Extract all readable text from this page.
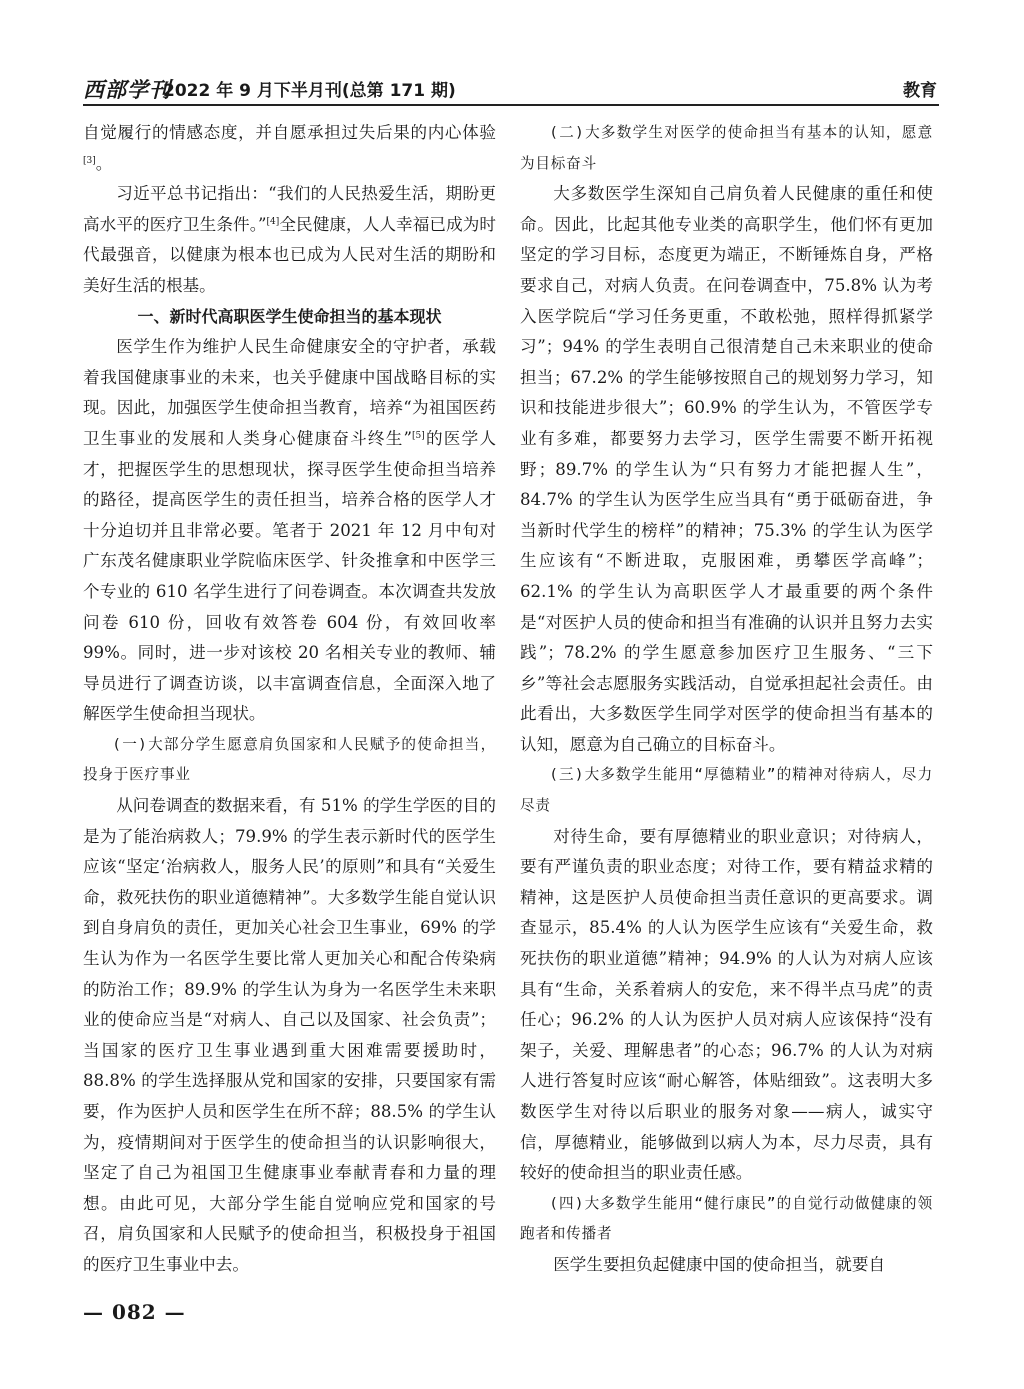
西部学刊
2022 年 9 月下半月刊(总第 171 期)	教育

自觉履行的情感态度，并自愿承担过失后果的内心体验[3]。

习近平总书记指出：“我们的人民热爱生活，期盼更高水平的医疗卫生条件。”[4]全民健康，人人幸福已成为时代最强音，以健康为根本也已成为人民对生活的期盼和美好生活的根基。

一、新时代高职医学生使命担当的基本现状

医学生作为维护人民生命健康安全的守护者，承载着我国健康事业的未来，也关乎健康中国战略目标的实现。因此，加强医学生使命担当教育，培养“为祖国医药卫生事业的发展和人类身心健康奋斗终生”[5]的医学人才，把握医学生的思想现状，探寻医学生使命担当培养的路径，提高医学生的责任担当，培养合格的医学人才十分迫切并且非常必要。笔者于 2021 年 12 月中旬对广东茂名健康职业学院临床医学、针灸推拿和中医学三个专业的 610 名学生进行了问卷调查。本次调查共发放问卷 610 份，回收有效答卷 604 份，有效回收率 99%。同时，进一步对该校 20 名相关专业的教师、辅导员进行了调查访谈，以丰富调查信息，全面深入地了解医学生使命担当现状。

(一)大部分学生愿意肩负国家和人民赋予的使命担当，投身于医疗事业

从问卷调查的数据来看，有 51% 的学生学医的目的是为了能治病救人；79.9% 的学生表示新时代的医学生应该“坚定‘治病救人，服务人民’的原则”和具有“关爱生命，救死扶伤的职业道德精神”。大多数学生能自觉认识到自身肩负的责任，更加关心社会卫生事业，69% 的学生认为作为一名医学生要比常人更加关心和配合传染病的防治工作；89.9% 的学生认为身为一名医学生未来职业的使命应当是“对病人、自己以及国家、社会负责”；当国家的医疗卫生事业遇到重大困难需要援助时，88.8% 的学生选择服从党和国家的安排，只要国家有需要，作为医护人员和医学生在所不辞；88.5% 的学生认为，疫情期间对于医学生的使命担当的认识影响很大，坚定了自己为祖国卫生健康事业奉献青春和力量的理想。由此可见，大部分学生能自觉响应党和国家的号召，肩负国家和人民赋予的使命担当，积极投身于祖国的医疗卫生事业中去。

(二)大多数学生对医学的使命担当有基本的认知，愿意为目标奋斗

大多数医学生深知自己肩负着人民健康的重任和使命。因此，比起其他专业类的高职学生，他们怀有更加坚定的学习目标，态度更为端正，不断锤炼自身，严格要求自己，对病人负责。在问卷调查中，75.8% 认为考入医学院后“学习任务更重，不敢松弛，照样得抓紧学习”；94% 的学生表明自己很清楚自己未来职业的使命担当；67.2% 的学生能够按照自己的规划努力学习，知识和技能进步很大”；60.9% 的学生认为，不管医学专业有多难，都要努力去学习，医学生需要不断开拓视野；89.7% 的学生认为“只有努力才能把握人生”，84.7% 的学生认为医学生应当具有“勇于砥砺奋进，争当新时代学生的榜样”的精神；75.3% 的学生认为医学生应该有“不断进取，克服困难，勇攀医学高峰”；62.1% 的学生认为高职医学人才最重要的两个条件是“对医护人员的使命和担当有准确的认识并且努力去实践”；78.2% 的学生愿意参加医疗卫生服务、“三下乡”等社会志愿服务实践活动，自觉承担起社会责任。由此看出，大多数医学生同学对医学的使命担当有基本的认知，愿意为自己确立的目标奋斗。

(三)大多数学生能用“厚德精业”的精神对待病人，尽力尽责

对待生命，要有厚德精业的职业意识；对待病人，要有严谨负责的职业态度；对待工作，要有精益求精的精神，这是医护人员使命担当责任意识的更高要求。调查显示，85.4% 的人认为医学生应该有“关爱生命，救死扶伤的职业道德”精神；94.9% 的人认为对病人应该具有“生命，关系着病人的安危，来不得半点马虎”的责任心；96.2% 的人认为医护人员对病人应该保持“没有架子，关爱、理解患者”的心态；96.7% 的人认为对病人进行答复时应该“耐心解答，体贴细致”。这表明大多数医学生对待以后职业的服务对象——病人，诚实守信，厚德精业，能够做到以病人为本，尽力尽责，具有较好的使命担当的职业责任感。

(四)大多数学生能用“健行康民”的自觉行动做健康的领跑者和传播者

医学生要担负起健康中国的使命担当，就要自

— 082 —
